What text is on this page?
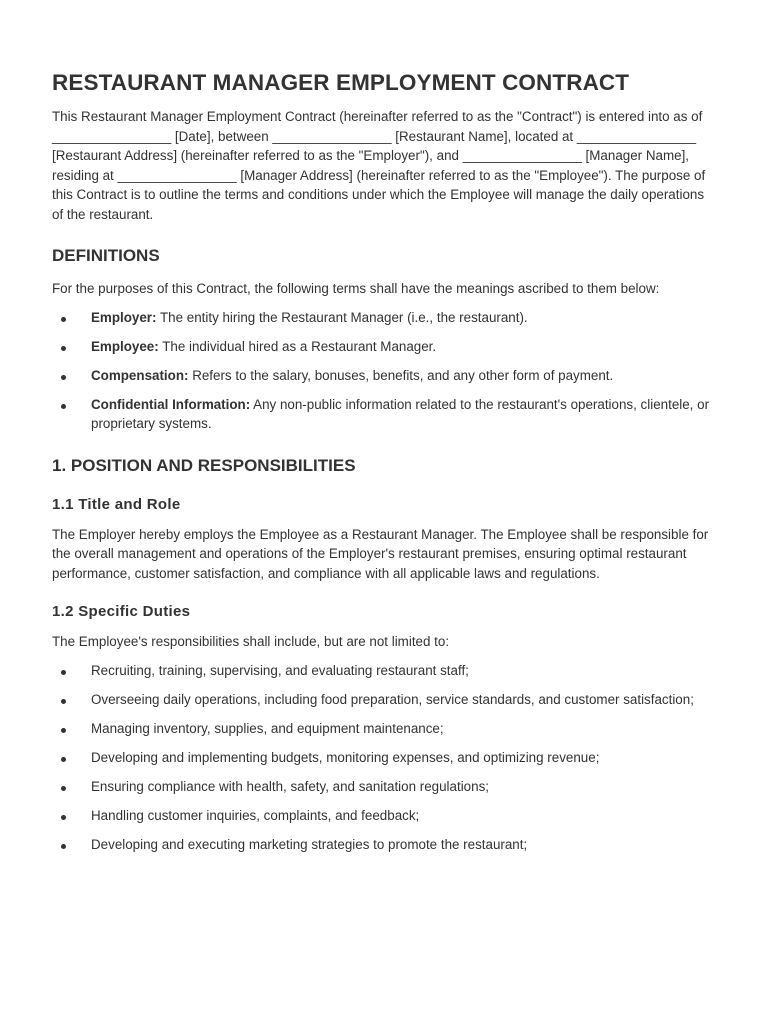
RESTAURANT MANAGER EMPLOYMENT CONTRACT

This Restaurant Manager Employment Contract (hereinafter referred to as the "Contract") is entered into as of ________________ [Date], between ________________ [Restaurant Name], located at ________________ [Restaurant Address] (hereinafter referred to as the "Employer"), and ________________ [Manager Name], residing at ________________ [Manager Address] (hereinafter referred to as the "Employee"). The purpose of this Contract is to outline the terms and conditions under which the Employee will manage the daily operations of the restaurant.

DEFINITIONS

For the purposes of this Contract, the following terms shall have the meanings ascribed to them below:

Employer: The entity hiring the Restaurant Manager (i.e., the restaurant).
Employee: The individual hired as a Restaurant Manager.
Compensation: Refers to the salary, bonuses, benefits, and any other form of payment.
Confidential Information: Any non-public information related to the restaurant's operations, clientele, or proprietary systems.
1. POSITION AND RESPONSIBILITIES
1.1 Title and Role

The Employer hereby employs the Employee as a Restaurant Manager. The Employee shall be responsible for the overall management and operations of the Employer's restaurant premises, ensuring optimal restaurant performance, customer satisfaction, and compliance with all applicable laws and regulations.

1.2 Specific Duties

The Employee's responsibilities shall include, but are not limited to:

Recruiting, training, supervising, and evaluating restaurant staff;
Overseeing daily operations, including food preparation, service standards, and customer satisfaction;
Managing inventory, supplies, and equipment maintenance;
Developing and implementing budgets, monitoring expenses, and optimizing revenue;
Ensuring compliance with health, safety, and sanitation regulations;
Handling customer inquiries, complaints, and feedback;
Developing and executing marketing strategies to promote the restaurant;
